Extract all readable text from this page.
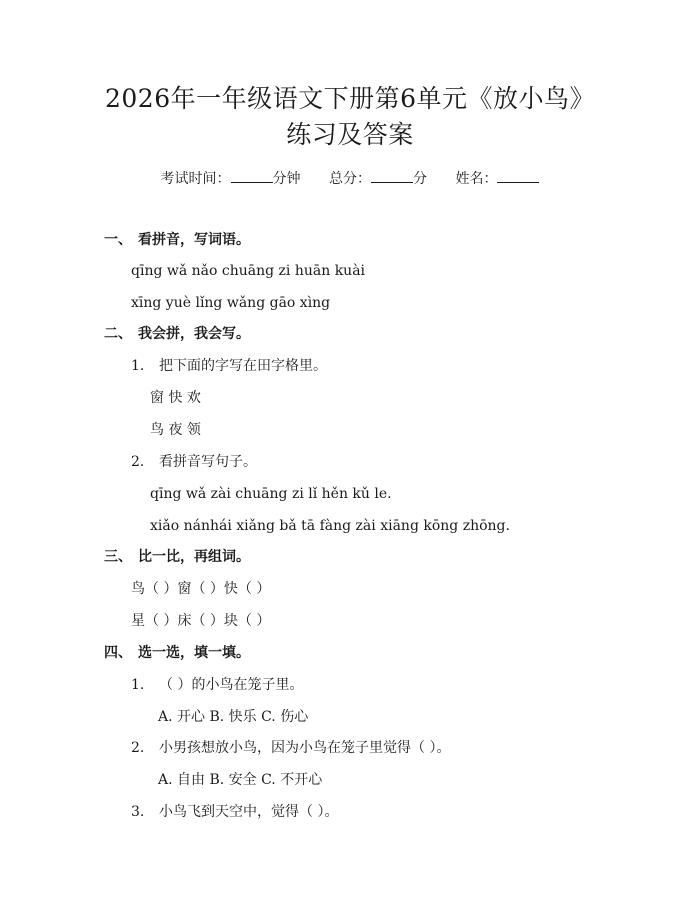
2026年一年级语文下册第6单元《放小鸟》
练习及答案
考试时间：	分钟 总分：	分 姓名：
一、 看拼音，写词语。
qīng wǎ nǎo chuāng zi huān kuài
xīng yuè lǐng wǎng gāo xìng
二、 我会拼，我会写。
1. 把下面的字写在田字格里。
窗 快 欢
鸟 夜 领
2. 看拼音写句子。
qīng wǎ zài chuāng zi lǐ hěn kǔ le.
xiǎo nánhái xiǎng bǎ tā fàng zài xiāng kōng zhōng.
三、 比一比，再组词。
鸟（ ）窗（ ）快（ ）
星（ ）床（ ）块（ ）
四、 选一选，填一填。
1. （ ）的小鸟在笼子里。
A. 开心 B. 快乐 C. 伤心
2. 小男孩想放小鸟，因为小鸟在笼子里觉得（ ）。
A. 自由 B. 安全 C. 不开心
3. 小鸟飞到天空中，觉得（ ）。
